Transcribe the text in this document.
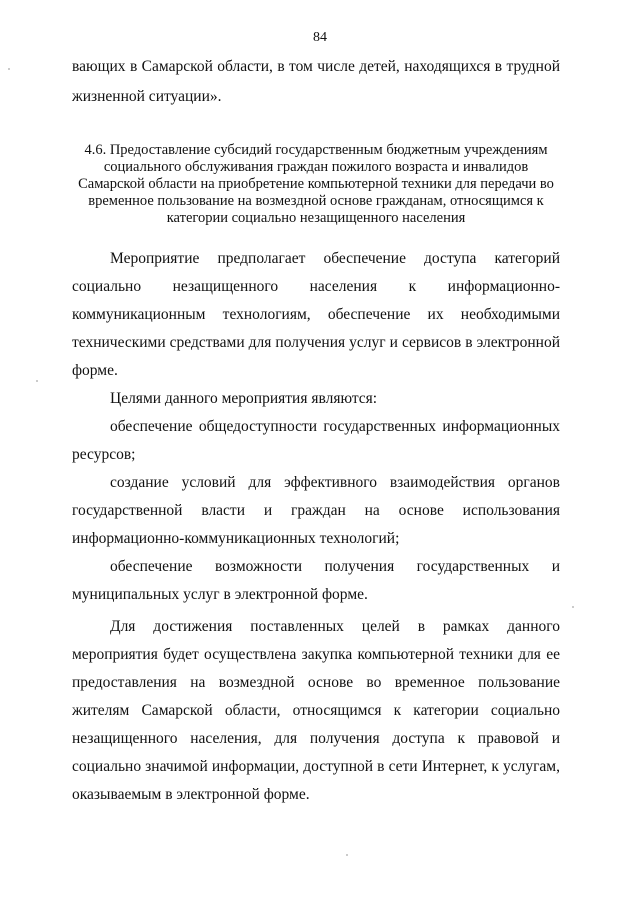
84
вающих в Самарской области, в том числе детей, находящихся в трудной жизненной ситуации».
4.6. Предоставление субсидий государственным бюджетным учреждениям социального обслуживания граждан пожилого возраста и инвалидов Самарской области на приобретение компьютерной техники для передачи во временное пользование на возмездной основе гражданам, относящимся к категории социально незащищенного населения

Мероприятие предполагает обеспечение доступа категорий социально незащищенного населения к информационно-коммуникационным технологиям, обеспечение их необходимыми техническими средствами для получения услуг и сервисов в электронной форме.

Целями данного мероприятия являются:

обеспечение общедоступности государственных информационных ресурсов;

создание условий для эффективного взаимодействия органов государственной власти и граждан на основе использования информационно-коммуникационных технологий;

обеспечение возможности получения государственных и муниципальных услуг в электронной форме.

Для достижения поставленных целей в рамках данного мероприятия будет осуществлена закупка компьютерной техники для ее предоставления на возмездной основе во временное пользование жителям Самарской области, относящимся к категории социально незащищенного населения, для получения доступа к правовой и социально значимой информации, доступной в сети Интернет, к услугам, оказываемым в электронной форме.
